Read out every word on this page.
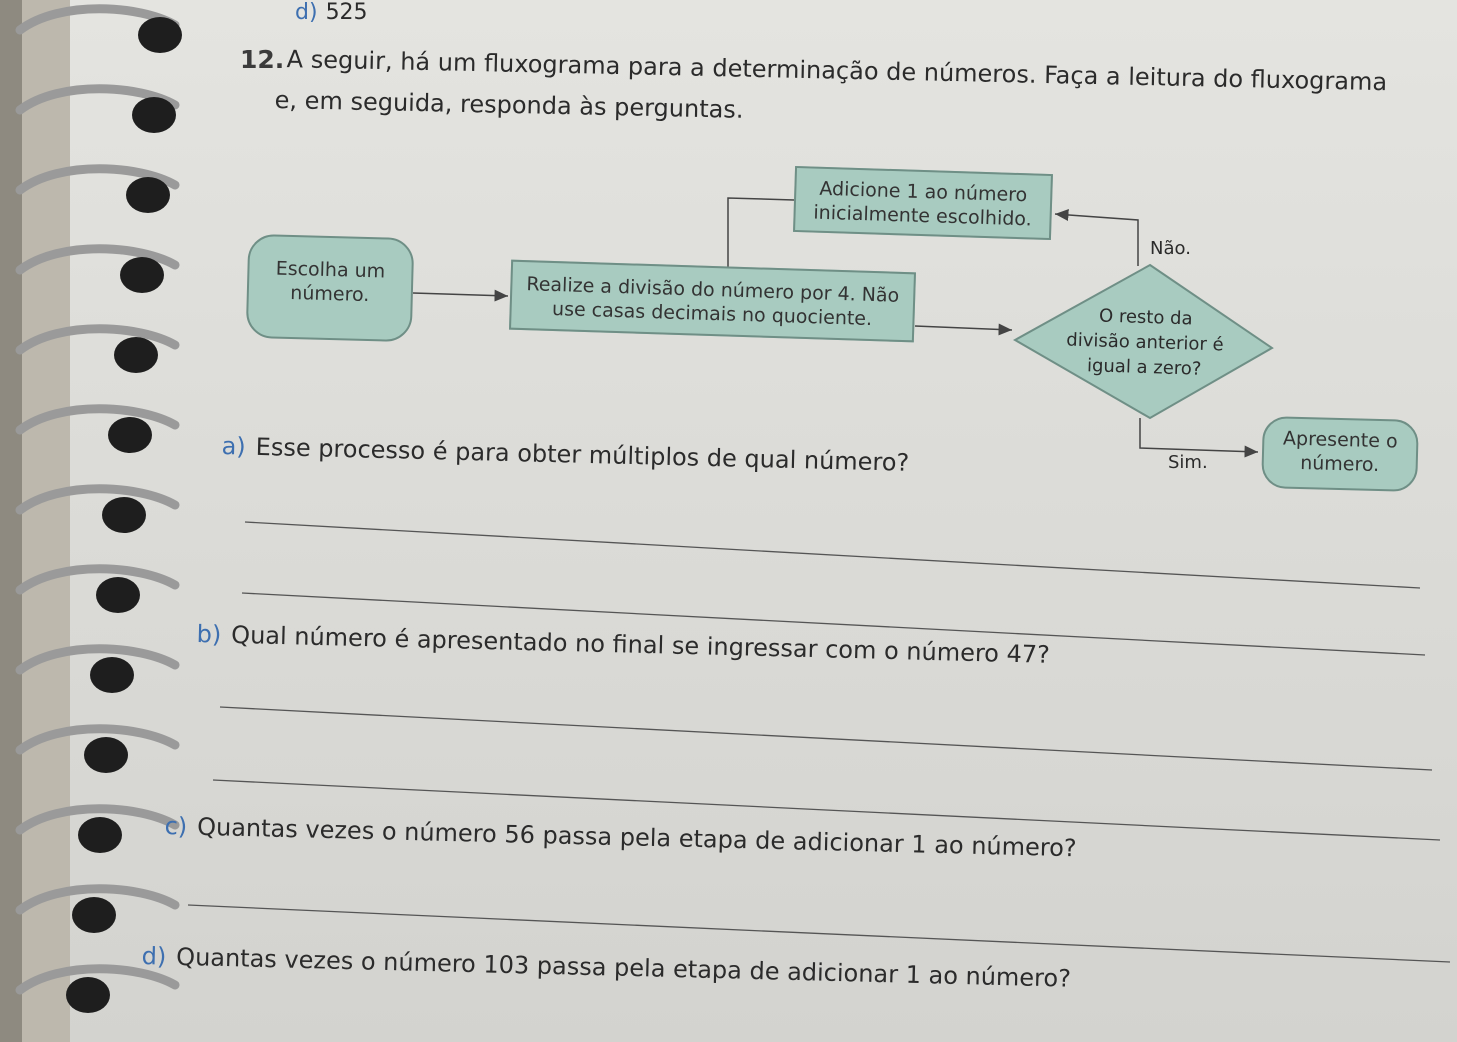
d) 525
12. A seguir, há um fluxograma para a determinação de números. Faça a leitura do fluxograma
e, em seguida, responda às perguntas.
Escolha um
número.	Realize a divisão do número por 4. Não
use casas decimais no quociente.
Adicione 1 ao número
inicialmente escolhido.
O resto da
divisão anterior é
igual a zero?
Apresente o
número.
Não.
Sim.
a) Esse processo é para obter múltiplos de qual número?
b) Qual número é apresentado no final se ingressar com o número 47?
c) Quantas vezes o número 56 passa pela etapa de adicionar 1 ao número?
d) Quantas vezes o número 103 passa pela etapa de adicionar 1 ao número?
